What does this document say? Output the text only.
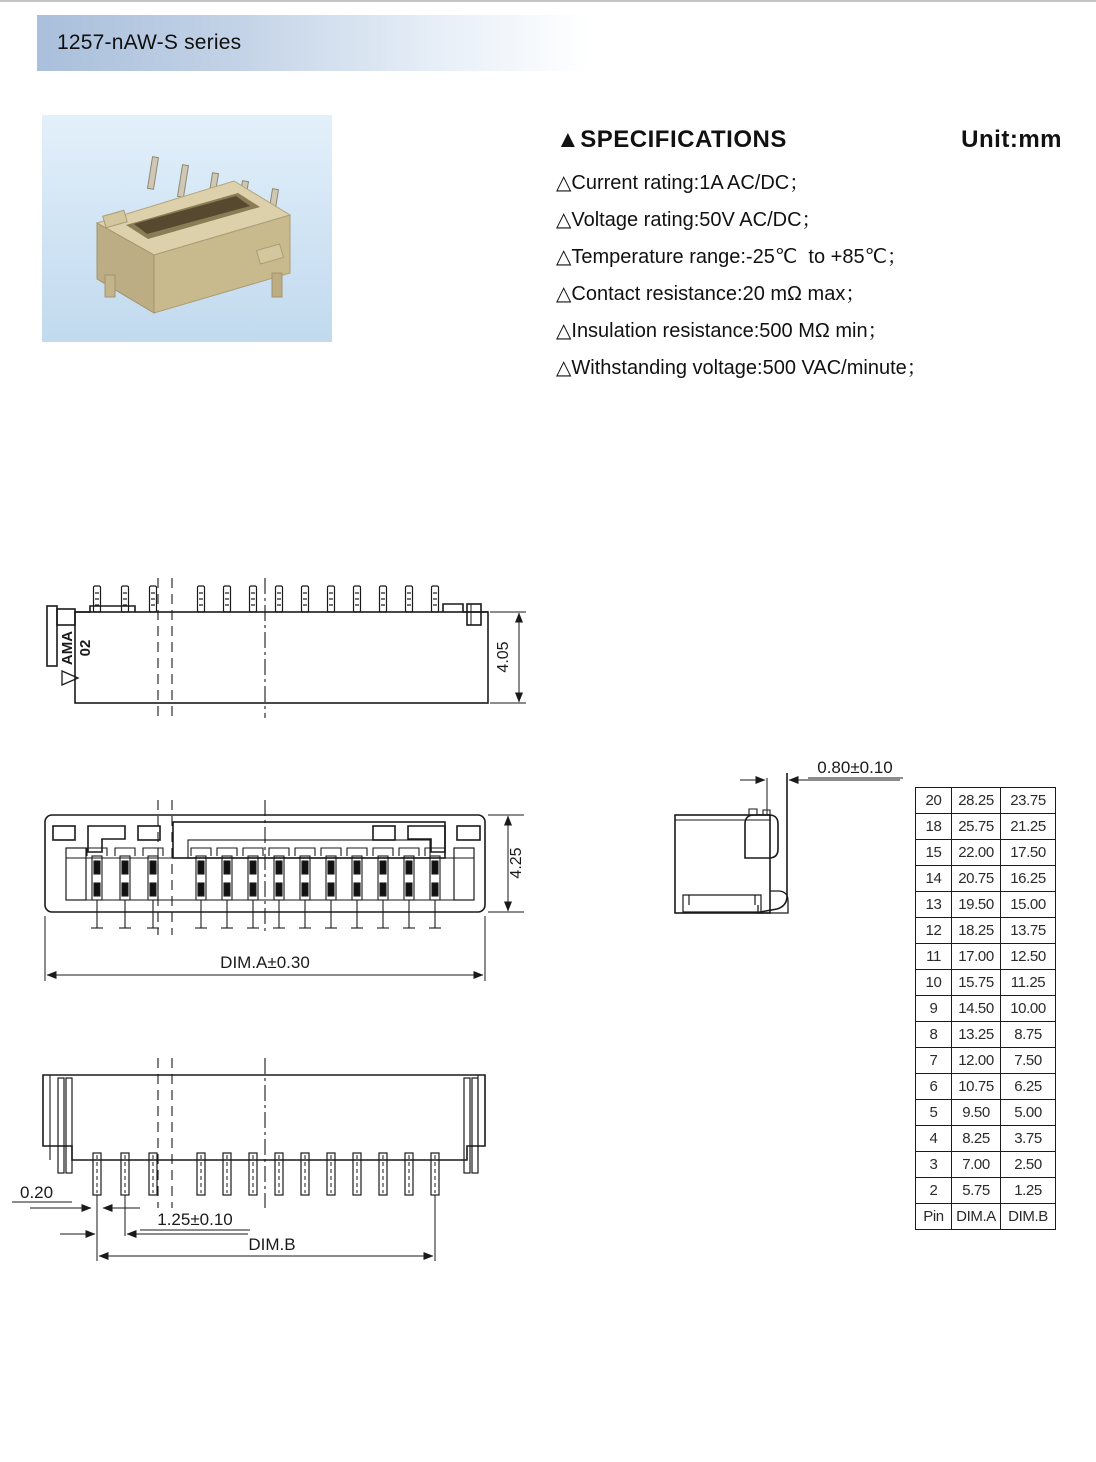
1257-nAW-S series
▲SPECIFICATIONS	Unit:mm
△Current rating:1A AC/DC；
△Voltage rating:50V AC/DC；
△Temperature range:-25℃  to +85℃；
△Contact resistance:20 mΩ max；
△Insulation resistance:500 MΩ min；
△Withstanding voltage:500 VAC/minute；
AMA 02	4.05
DIM.A±0.30
4.25
0.80±0.10
0.20
1.25±0.10
DIM.B
20	28.25	23.75
18	25.75	21.25
15	22.00	17.50
14	20.75	16.25
13	19.50	15.00
12	18.25	13.75
11	17.00	12.50
10	15.75	11.25
9	14.50	10.00
8	13.25	8.75
7	12.00	7.50
6	10.75	6.25
5	9.50	5.00
4	8.25	3.75
3	7.00	2.50
2	5.75	1.25
Pin	DIM.A	DIM.B
